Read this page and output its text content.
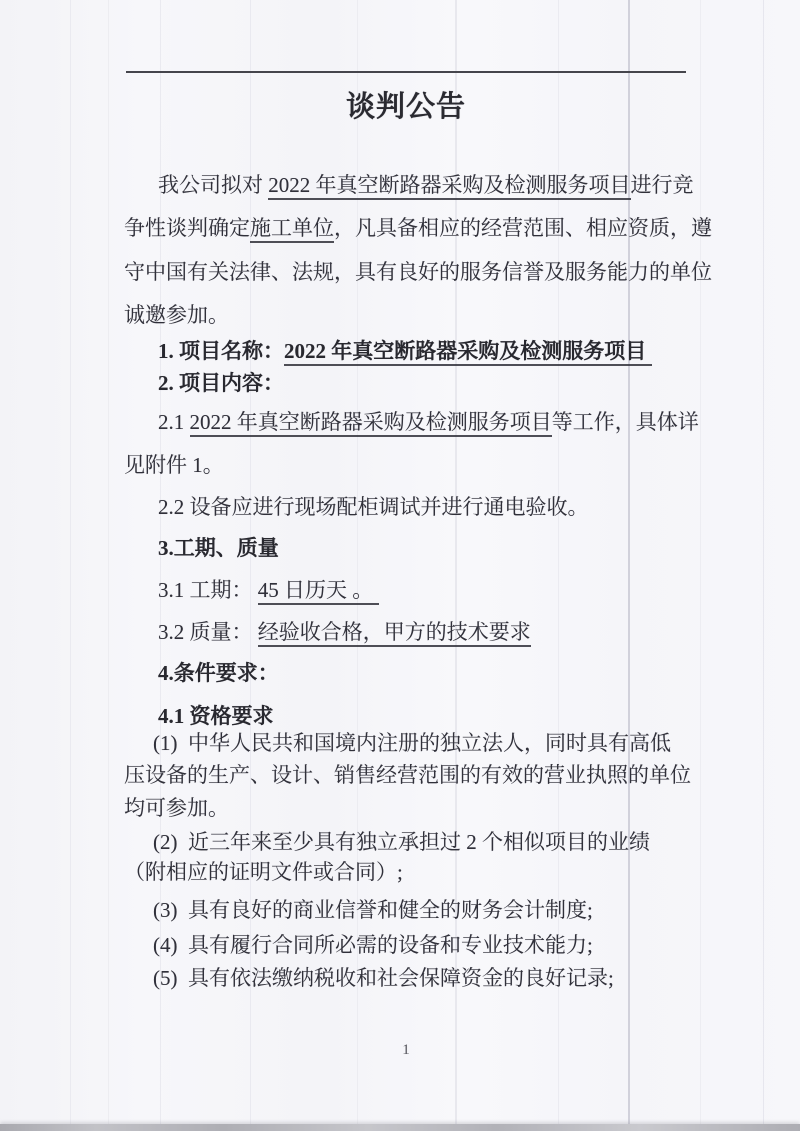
谈判公告
我公司拟对 2022 年真空断路器采购及检测服务项目进行竞
争性谈判确定施工单位，凡具备相应的经营范围、相应资质，遵
守中国有关法律、法规，具有良好的服务信誉及服务能力的单位
诚邀参加。
1. 项目名称：2022 年真空断路器采购及检测服务项目
2. 项目内容：
2.1 2022 年真空断路器采购及检测服务项目等工作，具体详
见附件 1。
2.2 设备应进行现场配柜调试并进行通电验收。
3.工期、质量
3.1 工期： 45 日历天 。
3.2 质量： 经验收合格，甲方的技术要求
4.条件要求：
4.1 资格要求
(1)  中华人民共和国境内注册的独立法人，同时具有高低
压设备的生产、设计、销售经营范围的有效的营业执照的单位
均可参加。
(2)  近三年来至少具有独立承担过 2 个相似项目的业绩
（附相应的证明文件或合同）;
(3)  具有良好的商业信誉和健全的财务会计制度;
(4)  具有履行合同所必需的设备和专业技术能力;
(5)  具有依法缴纳税收和社会保障资金的良好记录;
1
